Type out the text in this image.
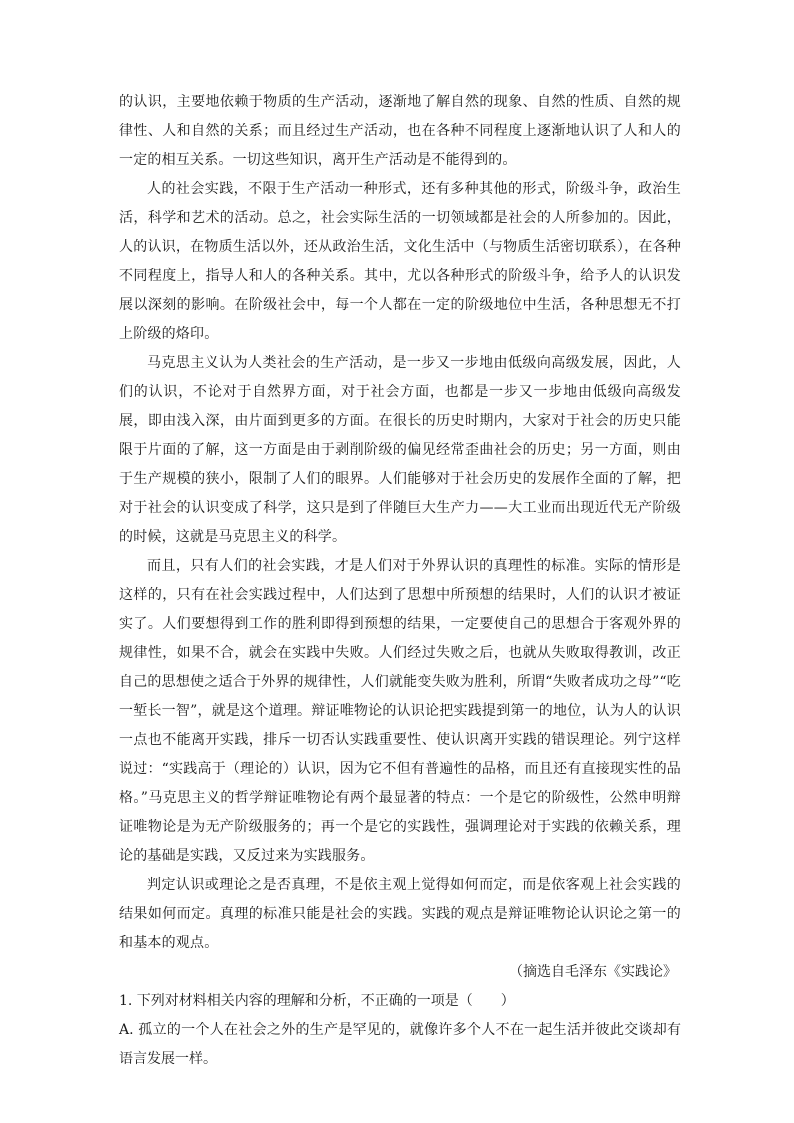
的认识，主要地依赖于物质的生产活动，逐渐地了解自然的现象、自然的性质、自然的规律性、人和自然的关系；而且经过生产活动，也在各种不同程度上逐渐地认识了人和人的一定的相互关系。一切这些知识，离开生产活动是不能得到的。

人的社会实践，不限于生产活动一种形式，还有多种其他的形式，阶级斗争，政治生活，科学和艺术的活动。总之，社会实际生活的一切领域都是社会的人所参加的。因此，人的认识，在物质生活以外，还从政治生活，文化生活中（与物质生活密切联系），在各种不同程度上，指导人和人的各种关系。其中，尤以各种形式的阶级斗争，给予人的认识发展以深刻的影响。在阶级社会中，每一个人都在一定的阶级地位中生活，各种思想无不打上阶级的烙印。

马克思主义认为人类社会的生产活动，是一步又一步地由低级向高级发展，因此，人们的认识，不论对于自然界方面，对于社会方面，也都是一步又一步地由低级向高级发展，即由浅入深，由片面到更多的方面。在很长的历史时期内，大家对于社会的历史只能限于片面的了解，这一方面是由于剥削阶级的偏见经常歪曲社会的历史；另一方面，则由于生产规模的狭小，限制了人们的眼界。人们能够对于社会历史的发展作全面的了解，把对于社会的认识变成了科学，这只是到了伴随巨大生产力——大工业而出现近代无产阶级的时候，这就是马克思主义的科学。

而且，只有人们的社会实践，才是人们对于外界认识的真理性的标准。实际的情形是这样的，只有在社会实践过程中，人们达到了思想中所预想的结果时，人们的认识才被证实了。人们要想得到工作的胜利即得到预想的结果，一定要使自己的思想合于客观外界的规律性，如果不合，就会在实践中失败。人们经过失败之后，也就从失败取得教训，改正自己的思想使之适合于外界的规律性，人们就能变失败为胜利，所谓“失败者成功之母”“吃一堑长一智”，就是这个道理。辩证唯物论的认识论把实践提到第一的地位，认为人的认识一点也不能离开实践，排斥一切否认实践重要性、使认识离开实践的错误理论。列宁这样说过：“实践高于（理论的）认识，因为它不但有普遍性的品格，而且还有直接现实性的品格。”马克思主义的哲学辩证唯物论有两个最显著的特点：一个是它的阶级性，公然申明辩证唯物论是为无产阶级服务的；再一个是它的实践性，强调理论对于实践的依赖关系，理论的基础是实践，又反过来为实践服务。

判定认识或理论之是否真理，不是依主观上觉得如何而定，而是依客观上社会实践的结果如何而定。真理的标准只能是社会的实践。实践的观点是辩证唯物论认识论之第一的和基本的观点。

（摘选自毛泽东《实践论》

1. 下列对材料相关内容的理解和分析，不正确的一项是（　　）

A. 孤立的一个人在社会之外的生产是罕见的，就像许多个人不在一起生活并彼此交谈却有语言发展一样。
